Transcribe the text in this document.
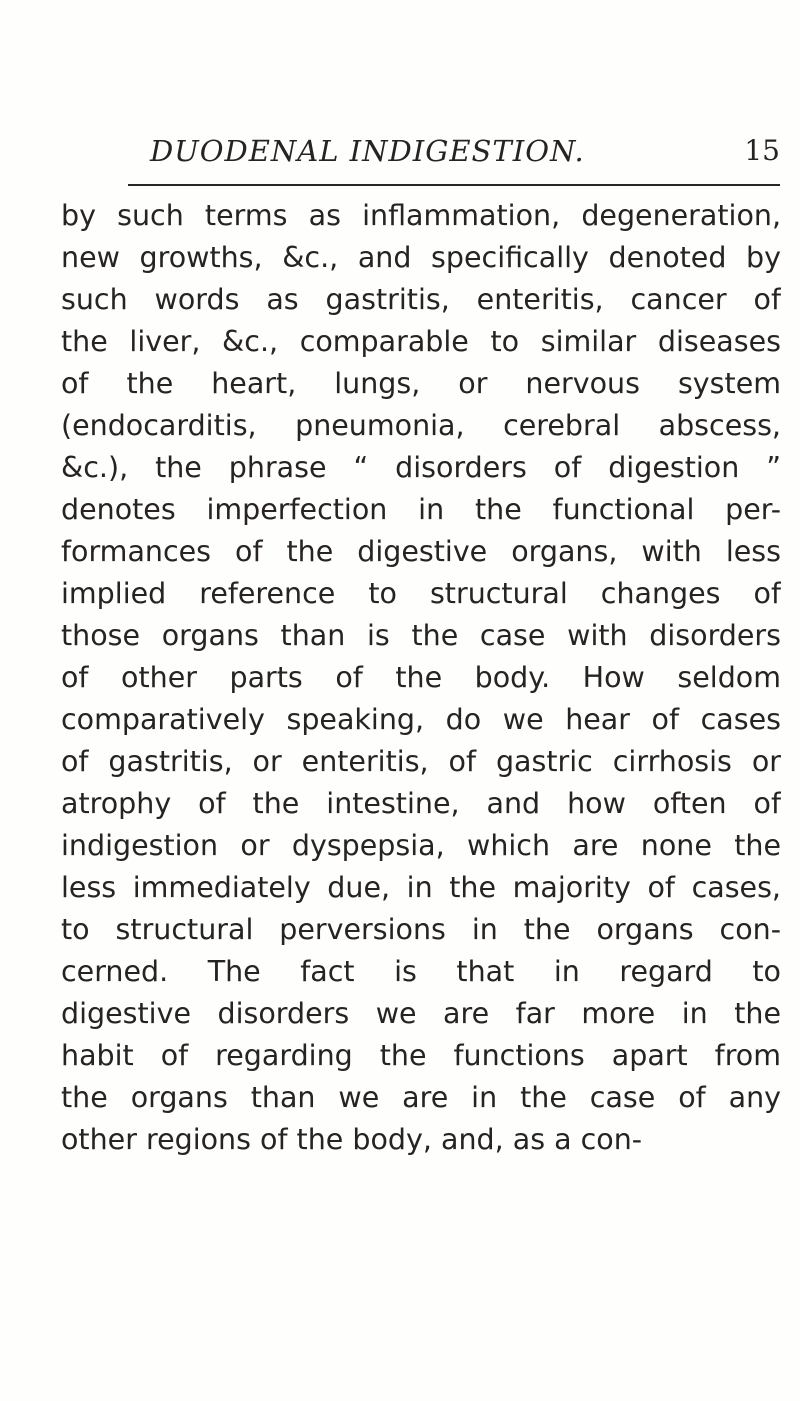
DUODENAL INDIGESTION.	15
by such terms as inflammation, degeneration,
new growths, &c., and specifically denoted by
such words as gastritis, enteritis, cancer of
the liver, &c., comparable to similar diseases
of the heart, lungs, or nervous system
(endocarditis, pneumonia, cerebral abscess,
&c.), the phrase “ disorders of digestion ”
denotes imperfection in the functional per-
formances of the digestive organs, with less
implied reference to structural changes of
those organs than is the case with disorders
of other parts of the body. How seldom
comparatively speaking, do we hear of cases
of gastritis, or enteritis, of gastric cirrhosis or
atrophy of the intestine, and how often of
indigestion or dyspepsia, which are none the
less immediately due, in the majority of cases,
to structural perversions in the organs con-
cerned. The fact is that in regard to
digestive disorders we are far more in the
habit of regarding the functions apart from
the organs than we are in the case of any
other regions of the body, and, as a con-
